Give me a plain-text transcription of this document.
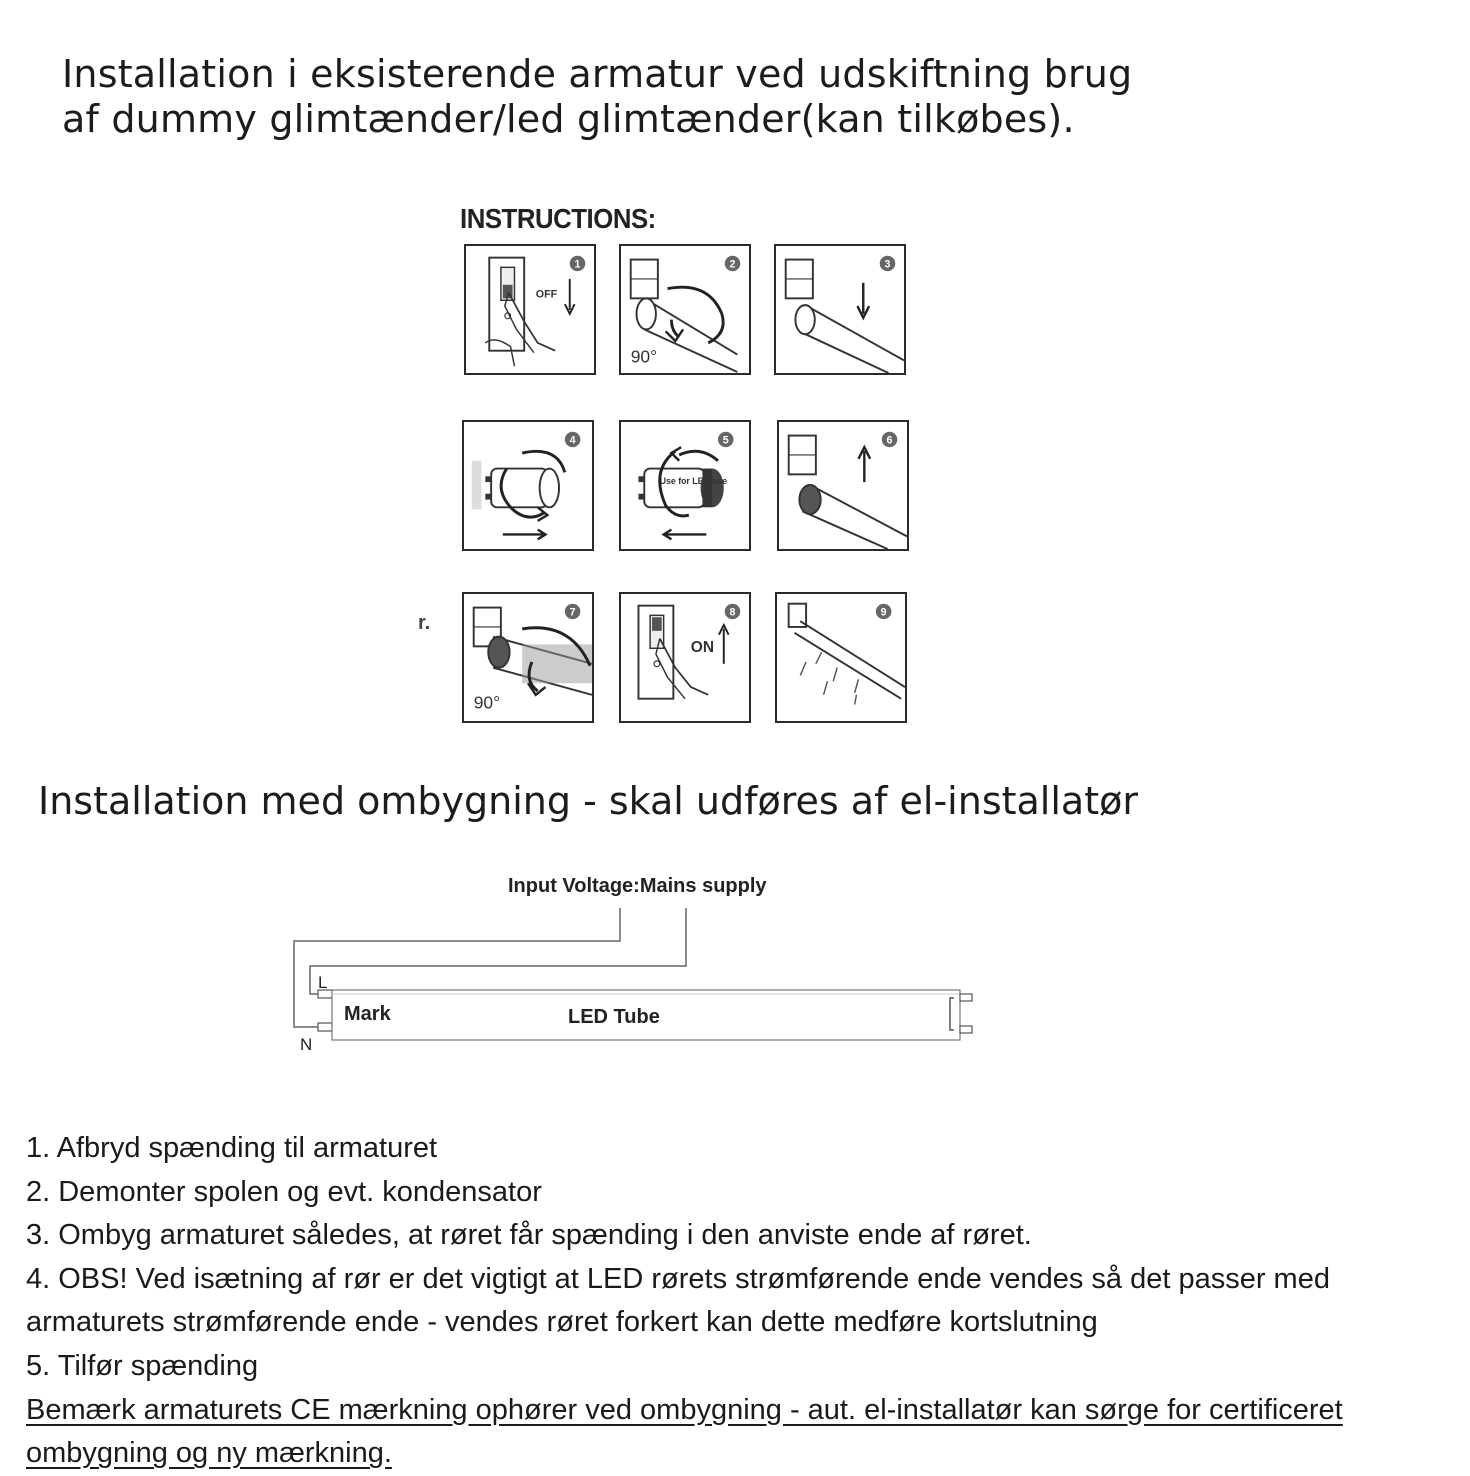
Installation i eksisterende armatur ved udskiftning brug
af dummy glimtænder/led glimtænder(kan tilkøbes).
INSTRUCTIONS:
OFF
1
90°
2	3
4
Use for LED use
5	6
r.
90°
7
ON
8	9
Installation med ombygning - skal udføres af el-installatør
Input Voltage:Mains supply
L
N
Mark	LED Tube
1. Afbryd spænding til armaturet
2. Demonter spolen og evt. kondensator
3. Ombyg armaturet således, at røret får spænding i den anviste ende af røret.
4. OBS! Ved isætning af rør er det vigtigt at LED rørets strømførende ende vendes så det passer med
armaturets strømførende ende - vendes røret forkert kan dette medføre kortslutning
5. Tilfør spænding
Bemærk armaturets CE mærkning ophører ved ombygning - aut. el-installatør kan sørge for certificeret
ombygning og ny mærkning.
